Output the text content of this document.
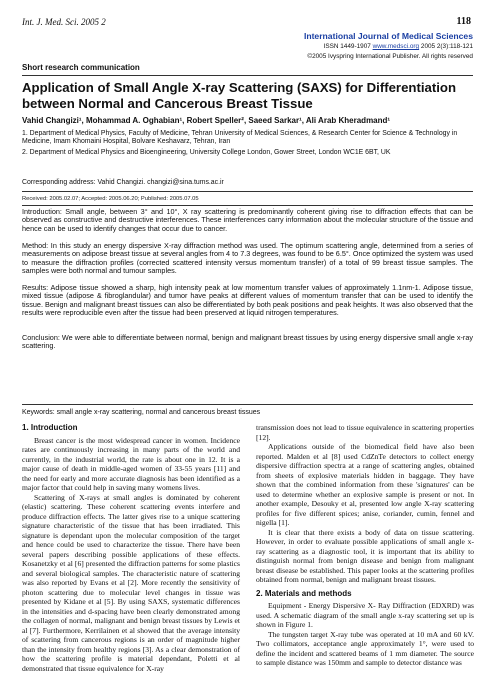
Int. J. Med. Sci. 2005 2	118
International Journal of Medical Sciences
ISSN 1449-1907 www.medsci.org 2005 2(3):118-121
©2005 Ivyspring International Publisher. All rights reserved
Short research communication
Application of Small Angle X-ray Scattering (SAXS) for Differentiation between Normal and Cancerous Breast Tissue
Vahid Changizi¹, Mohammad A. Oghabian¹, Robert Speller², Saeed Sarkar¹, Ali Arab Kheradmand¹
1. Department of Medical Physics, Faculty of Medicine, Tehran University of Medical Sciences, & Research Center for Science & Technology in Medicine, Imam Khomaini Hospital, Bolvare Keshavarz, Tehran, Iran
2. Department of Medical Physics and Bioengineering, University College London, Gower Street, London WC1E 6BT, UK
Corresponding address: Vahid Changizi. changizi@sina.tums.ac.ir
Received: 2005.02.07; Accepted: 2005.06.20; Published: 2005.07.05
Introduction: Small angle, between 3° and 10°, X ray scattering is predominantly coherent giving rise to diffraction effects that can be observed as constructive and destructive interferences. These interferences carry information about the molecular structure of the tissue and hence can be used to identify changes that occur due to cancer.
Method: In this study an energy dispersive X-ray diffraction method was used. The optimum scattering angle, determined from a series of measurements on adipose breast tissue at several angles from 4 to 7.3 degrees, was found to be 6.5°. Once optimized the system was used to measure the diffraction profiles (corrected scattered intensity versus momentum transfer) of a total of 99 breast tissue samples. The samples were both normal and tumour samples.
Results: Adipose tissue showed a sharp, high intensity peak at low momentum transfer values of approximately 1.1nm-1. Adipose tissue, mixed tissue (adipose & fibroglandular) and tumor have peaks at different values of momentum transfer that can be used to identify the tissue. Benign and malignant breast tissues can also be differentiated by both peak positions and peak heights. It was also observed that the results were reproducible even after the tissue had been preserved at liquid nitrogen temperatures.
Conclusion: We were able to differentiate between normal, benign and malignant breast tissues by using energy dispersive small angle x-ray scattering.
Keywords: small angle x-ray scattering, normal and cancerous breast tissues
1. Introduction

Breast cancer is the most widespread cancer in women. Incidence rates are continuously increasing in many parts of the world and currently, in the industrial world, the rate is about one in 12. It is a major cause of death in middle-aged women of 33-55 years [11] and the need for early and more accurate diagnosis has been identified as a major factor that could help in saving many womens lives.

Scattering of X-rays at small angles is dominated by coherent (elastic) scattering. These coherent scattering events interfere and produce diffraction effects. The latter gives rise to a unique scattering signature characteristic of the tissue that has been irradiated. This signature is dependant upon the molecular composition of the target and hence could be used to characterize the tissue. There have been several papers describing possible applications of these effects. Kosanetzky et al [6] presented the diffraction patterns for some plastics and several biological samples. The characteristic nature of scattering was also reported by Evans et al [2]. More recently the sensitivity of photon scattering due to molecular level changes in tissue was presented by Kidane et al [5]. By using SAXS, systematic differences in the intensities and d-spacing have been clearly demonstrated among the collagen of normal, malignant and benign breast tissues by Lewis et al [7]. Furthermore, Kerrilainen et al showed that the average intensity of scattering from cancerous regions is an order of magnitude higher than the intensity from healthy regions [3]. As a clear demonstration of how the scattering profile is material dependant, Poletti et al demonstrated that tissue equivalence for X-ray

transmission does not lead to tissue equivalence in scattering properties [12].

Applications outside of the biomedical field have also been reported. Malden et al [8] used CdZnTe detectors to collect energy dispersive diffraction spectra at a range of scattering angles, obtained from sheets of explosive materials hidden in baggage. They have shown that the combined information from these 'signatures' can be used to determine whether an explosive sample is present or not. In another example, Desouky et al, presented low angle X-ray scattering profiles for five different spices; anise, coriander, cumin, fennel and nigella [1].

It is clear that there exists a body of data on tissue scattering. However, in order to evaluate possible applications of small angle x-ray scattering as a diagnostic tool, it is important that its ability to distinguish normal from benign disease and benign from malignant breast disease be established. This paper looks at the scattering profiles obtained from normal, benign and malignant breast tissues.

2. Materials and methods

Equipment - Energy Dispersive X- Ray Diffraction (EDXRD) was used. A schematic diagram of the small angle x-ray scattering set up is shown in Figure 1.

The tungsten target X-ray tube was operated at 10 mA and 60 kV. Two collimators, acceptance angle approximately 1°, were used to define the incident and scattered beams of 1 mm diameter. The source to sample distance was 150mm and sample to detector distance was
